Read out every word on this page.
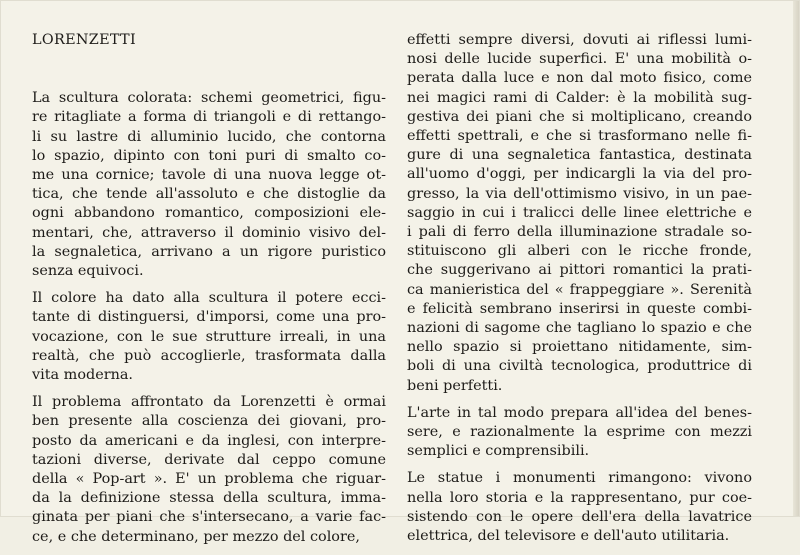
LORENZETTI
La scultura colorata: schemi geometrici, figu-
re ritagliate a forma di triangoli e di rettango-
li su lastre di alluminio lucido, che contorna
lo spazio, dipinto con toni puri di smalto co-
me una cornice; tavole di una nuova legge ot-
tica, che tende all'assoluto e che distoglie da
ogni abbandono romantico, composizioni ele-
mentari, che, attraverso il dominio visivo del-
la segnaletica, arrivano a un rigore puristico
senza equivoci.
Il colore ha dato alla scultura il potere ecci-
tante di distinguersi, d'imporsi, come una pro-
vocazione, con le sue strutture irreali, in una
realtà, che può accoglierle, trasformata dalla
vita moderna.
Il problema affrontato da Lorenzetti è ormai
ben presente alla coscienza dei giovani, pro-
posto da americani e da inglesi, con interpre-
tazioni diverse, derivate dal ceppo comune
della « Pop-art ». E' un problema che riguar-
da la definizione stessa della scultura, imma-
ginata per piani che s'intersecano, a varie fac-
ce, e che determinano, per mezzo del colore,
effetti sempre diversi, dovuti ai riflessi lumi-
nosi delle lucide superfici. E' una mobilità o-
perata dalla luce e non dal moto fisico, come
nei magici rami di Calder: è la mobilità sug-
gestiva dei piani che si moltiplicano, creando
effetti spettrali, e che si trasformano nelle fi-
gure di una segnaletica fantastica, destinata
all'uomo d'oggi, per indicargli la via del pro-
gresso, la via dell'ottimismo visivo, in un pae-
saggio in cui i tralicci delle linee elettriche e
i pali di ferro della illuminazione stradale so-
stituiscono gli alberi con le ricche fronde,
che suggerivano ai pittori romantici la prati-
ca manieristica del « frappeggiare ». Serenità
e felicità sembrano inserirsi in queste combi-
nazioni di sagome che tagliano lo spazio e che
nello spazio si proiettano nitidamente, sim-
boli di una civiltà tecnologica, produttrice di
beni perfetti.
L'arte in tal modo prepara all'idea del benes-
sere, e razionalmente la esprime con mezzi
semplici e comprensibili.
Le statue i monumenti rimangono: vivono
nella loro storia e la rappresentano, pur coe-
sistendo con le opere dell'era della lavatrice
elettrica, del televisore e dell'auto utilitaria.
